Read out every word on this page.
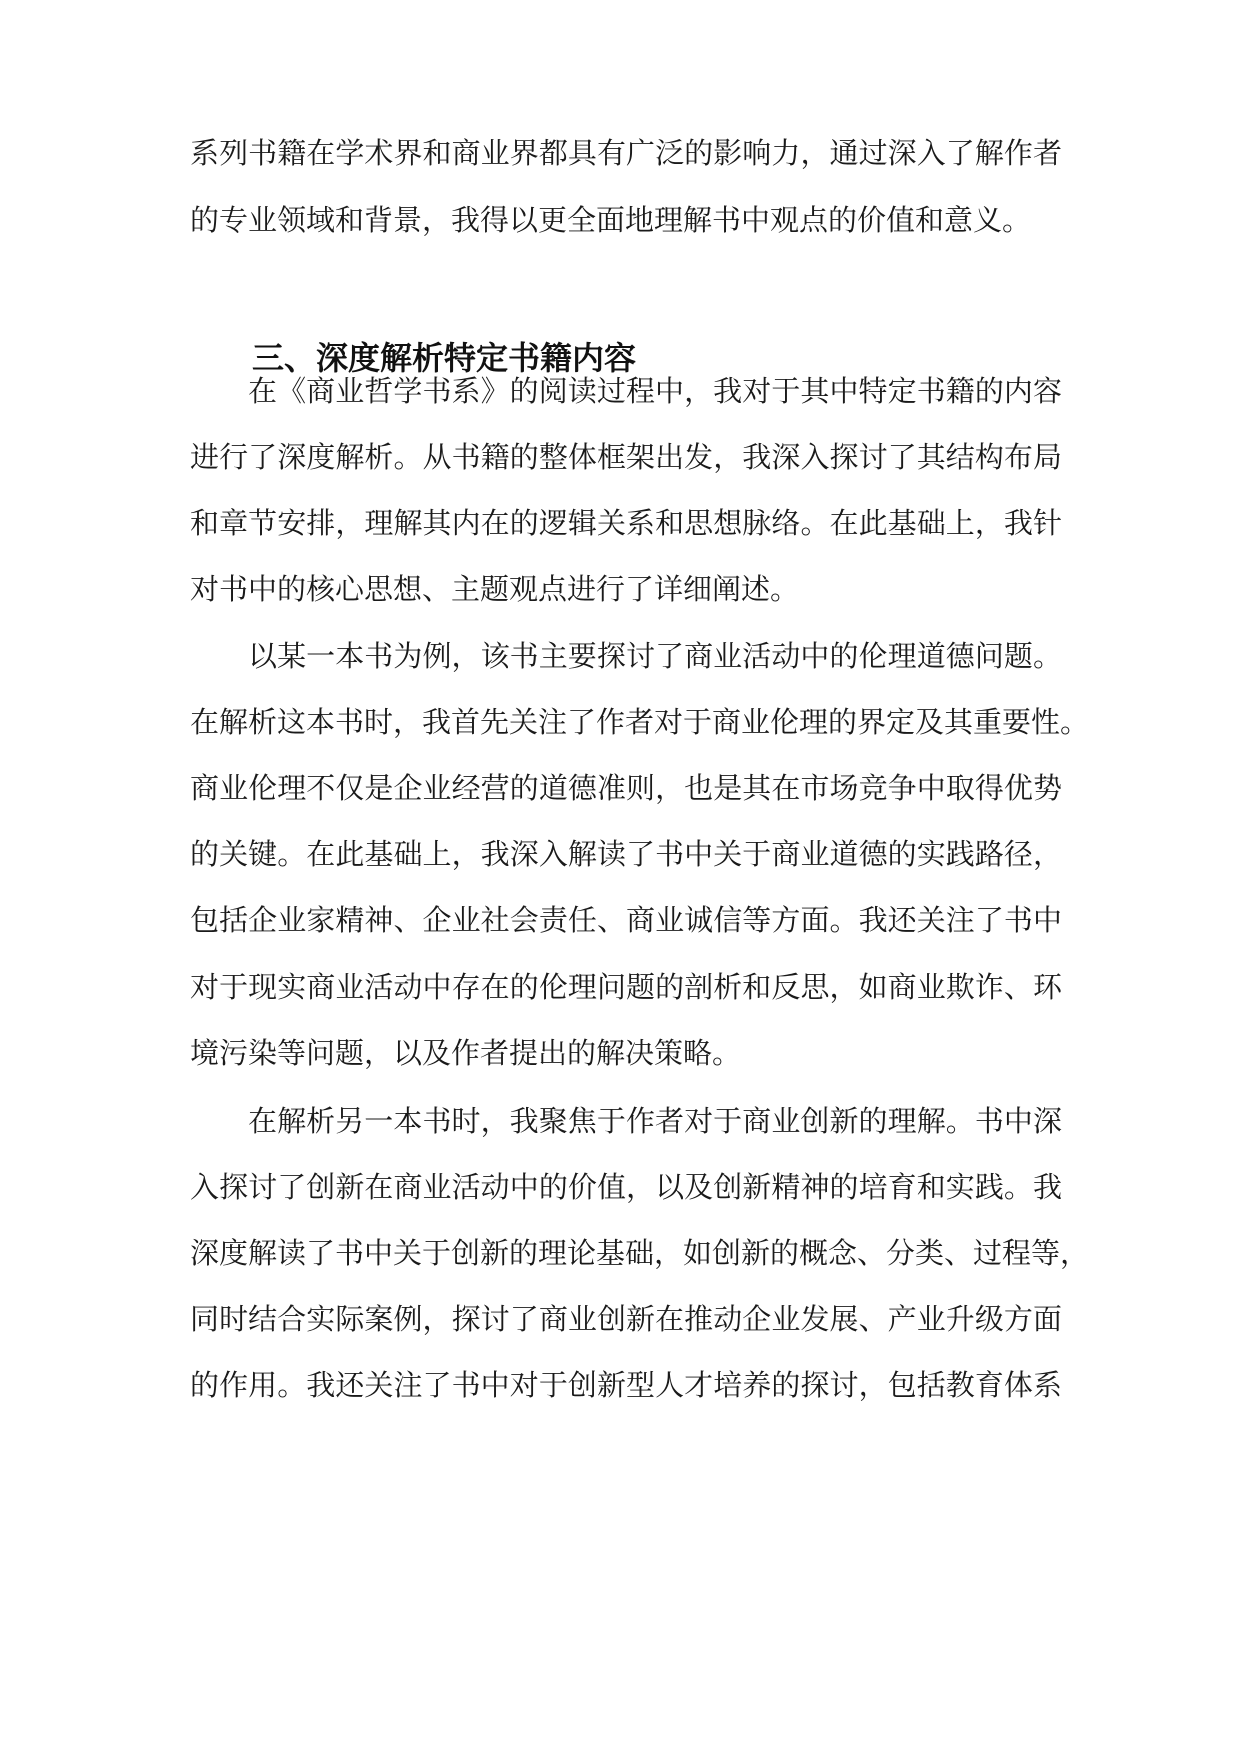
系列书籍在学术界和商业界都具有广泛的影响力，通过深入了解作者
的专业领域和背景，我得以更全面地理解书中观点的价值和意义。
三、深度解析特定书籍内容
在《商业哲学书系》的阅读过程中，我对于其中特定书籍的内容
进行了深度解析。从书籍的整体框架出发，我深入探讨了其结构布局
和章节安排，理解其内在的逻辑关系和思想脉络。在此基础上，我针
对书中的核心思想、主题观点进行了详细阐述。
以某一本书为例，该书主要探讨了商业活动中的伦理道德问题。
在解析这本书时，我首先关注了作者对于商业伦理的界定及其重要性。
商业伦理不仅是企业经营的道德准则，也是其在市场竞争中取得优势
的关键。在此基础上，我深入解读了书中关于商业道德的实践路径，
包括企业家精神、企业社会责任、商业诚信等方面。我还关注了书中
对于现实商业活动中存在的伦理问题的剖析和反思，如商业欺诈、环
境污染等问题，以及作者提出的解决策略。
在解析另一本书时，我聚焦于作者对于商业创新的理解。书中深
入探讨了创新在商业活动中的价值，以及创新精神的培育和实践。我
深度解读了书中关于创新的理论基础，如创新的概念、分类、过程等，
同时结合实际案例，探讨了商业创新在推动企业发展、产业升级方面
的作用。我还关注了书中对于创新型人才培养的探讨，包括教育体系
